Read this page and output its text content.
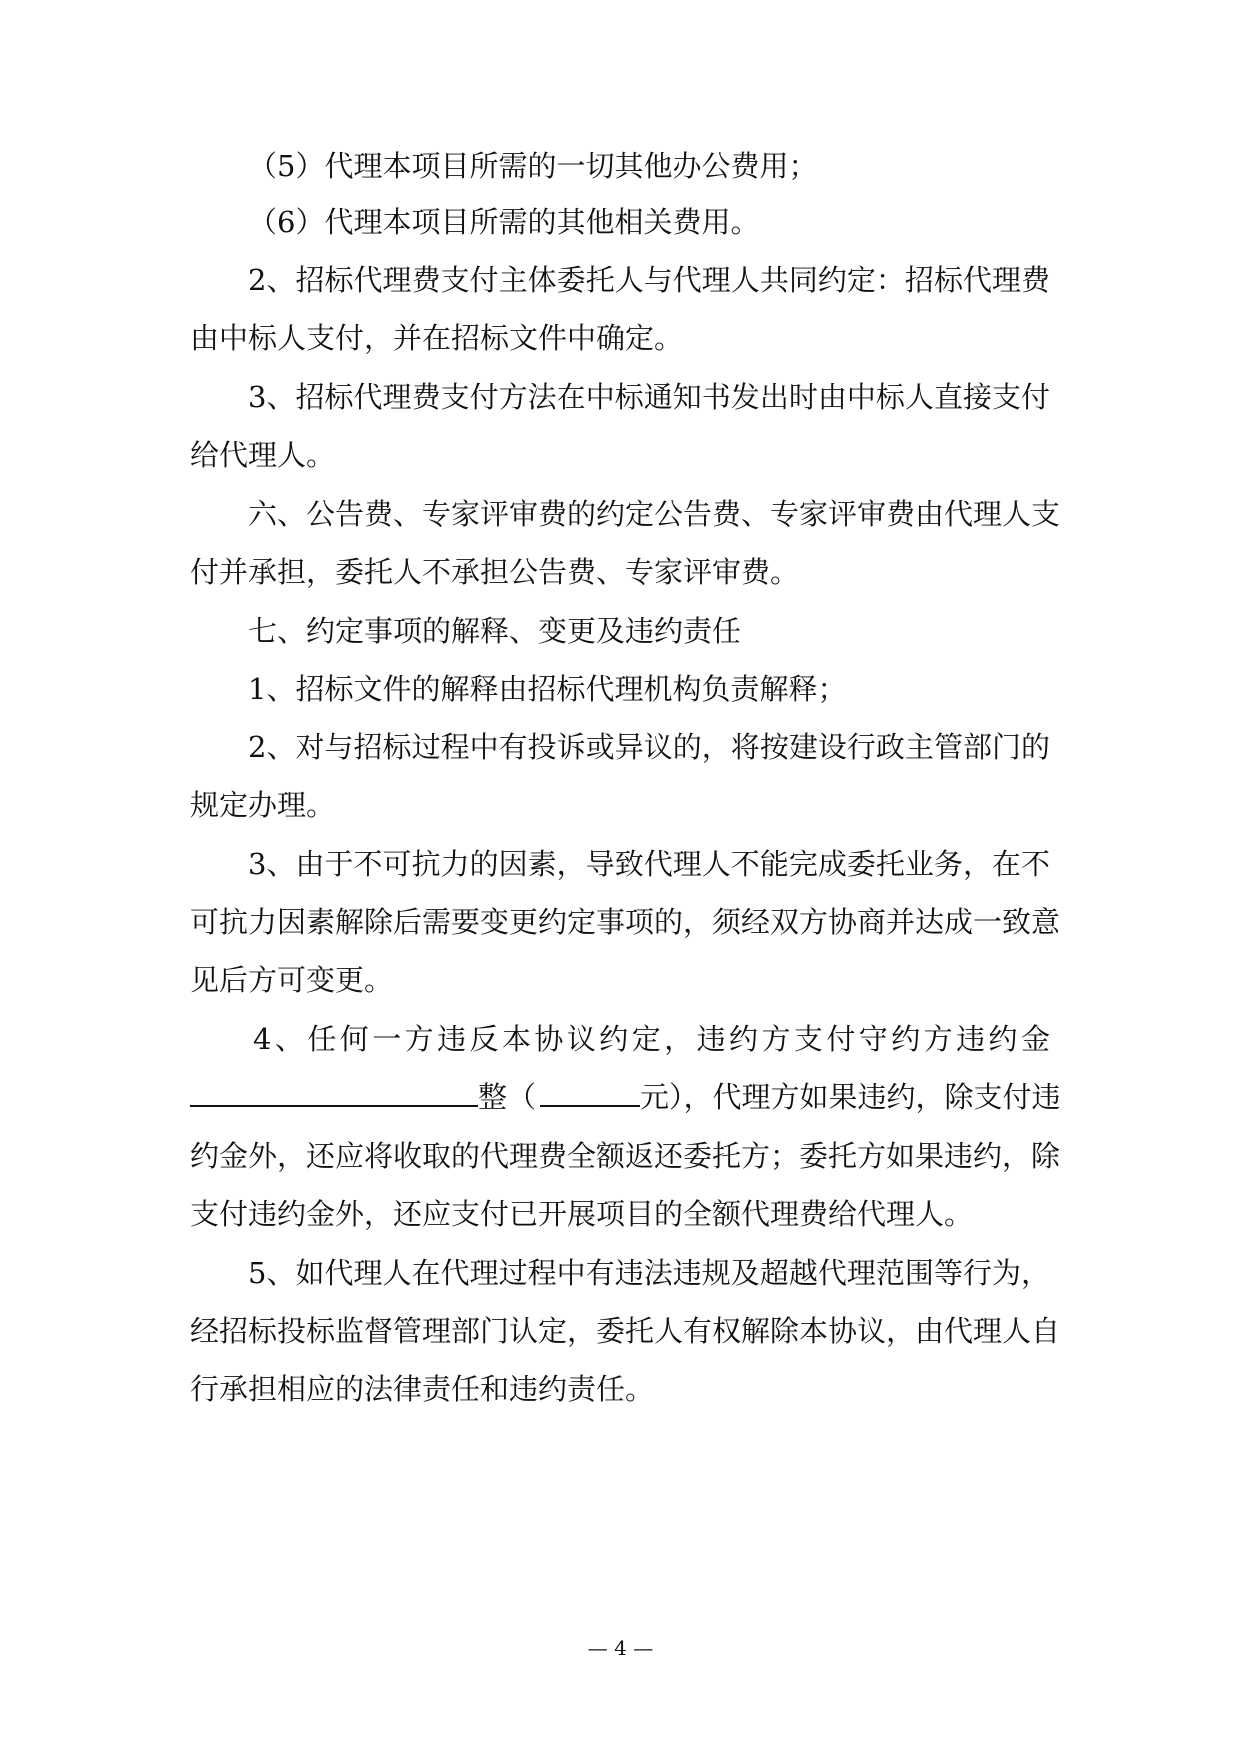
（5）代理本项目所需的一切其他办公费用；
（6）代理本项目所需的其他相关费用。
2、招标代理费支付主体委托人与代理人共同约定：招标代理费
由中标人支付，并在招标文件中确定。
3、招标代理费支付方法在中标通知书发出时由中标人直接支付
给代理人。
六、公告费、专家评审费的约定公告费、专家评审费由代理人支
付并承担，委托人不承担公告费、专家评审费。
七、约定事项的解释、变更及违约责任
1、招标文件的解释由招标代理机构负责解释；
2、对与招标过程中有投诉或异议的，将按建设行政主管部门的
规定办理。
3、由于不可抗力的因素，导致代理人不能完成委托业务，在不
可抗力因素解除后需要变更约定事项的，须经双方协商并达成一致意
见后方可变更。
4、任何一方违反本协议约定，违约方支付守约方违约金
整（	元），代理方如果违约，除支付违
约金外，还应将收取的代理费全额返还委托方；委托方如果违约，除
支付违约金外，还应支付已开展项目的全额代理费给代理人。
5、如代理人在代理过程中有违法违规及超越代理范围等行为，
经招标投标监督管理部门认定，委托人有权解除本协议，由代理人自
行承担相应的法律责任和违约责任。
— 4 —
